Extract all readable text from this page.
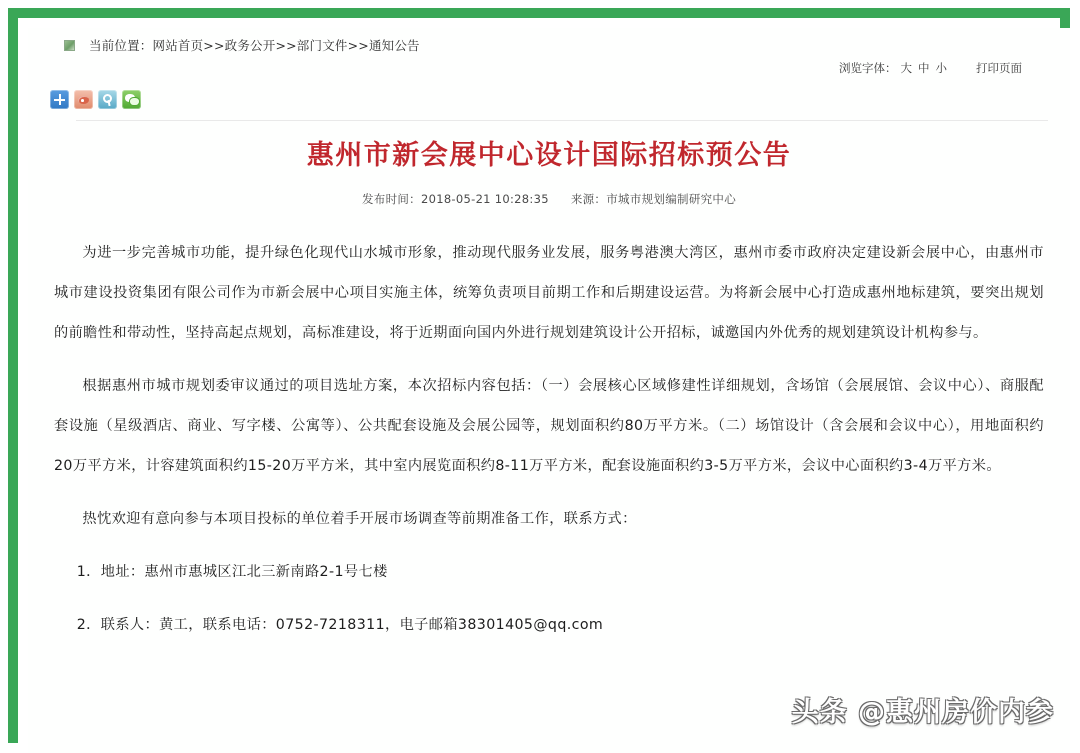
当前位置：网站首页>>政务公开>>部门文件>>通知公告
浏览字体： 大 中 小	打印页面
惠州市新会展中心设计国际招标预公告
发布时间：2018-05-21 10:28:35 来源：市城市规划编制研究中心

为进一步完善城市功能，提升绿色化现代山水城市形象，推动现代服务业发展，服务粤港澳大湾区，惠州市委市政府决定建设新会展中心，由惠州市城市建设投资集团有限公司作为市新会展中心项目实施主体，统筹负责项目前期工作和后期建设运营。为将新会展中心打造成惠州地标建筑，要突出规划的前瞻性和带动性，坚持高起点规划，高标准建设，将于近期面向国内外进行规划建筑设计公开招标，诚邀国内外优秀的规划建筑设计机构参与。

根据惠州市城市规划委审议通过的项目选址方案，本次招标内容包括：（一）会展核心区域修建性详细规划，含场馆（会展展馆、会议中心）、商服配套设施（星级酒店、商业、写字楼、公寓等）、公共配套设施及会展公园等，规划面积约80万平方米。（二）场馆设计（含会展和会议中心），用地面积约20万平方米，计容建筑面积约15-20万平方米，其中室内展览面积约8-11万平方米，配套设施面积约3-5万平方米，会议中心面积约3-4万平方米。

热忱欢迎有意向参与本项目投标的单位着手开展市场调查等前期准备工作，联系方式：

1．地址：惠州市惠城区江北三新南路2-1号七楼

2．联系人：黄工，联系电话：0752-7218311，电子邮箱38301405@qq.com

头条 @惠州房价内参
